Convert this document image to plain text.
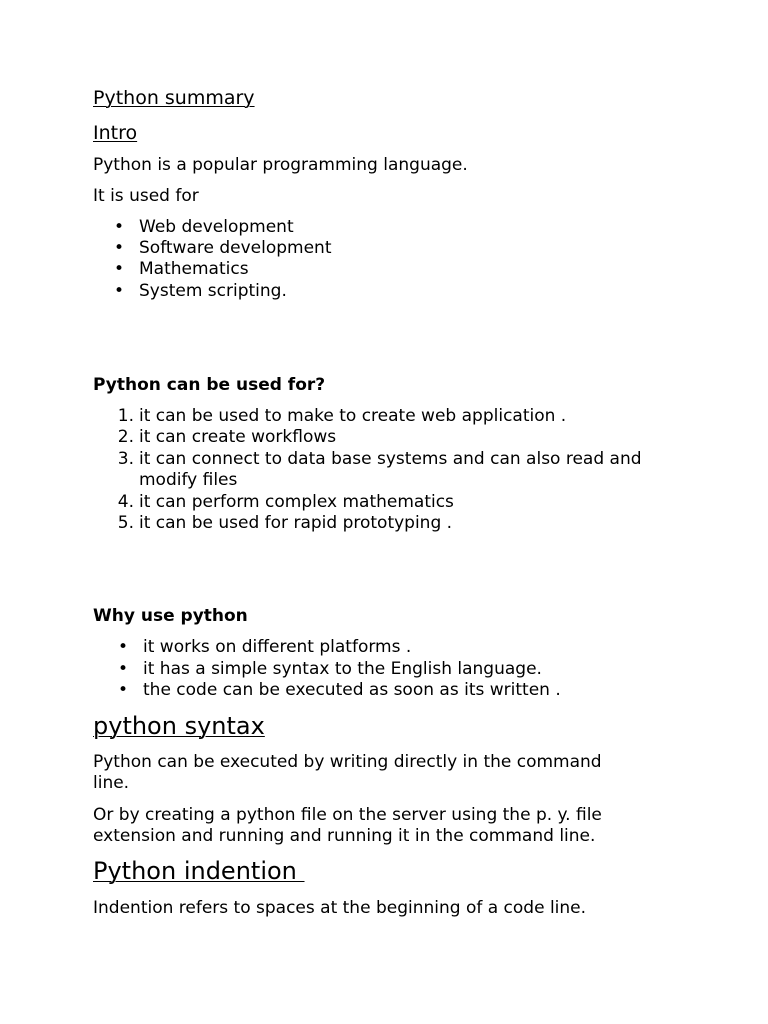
Python summary
Intro
Python is a popular programming language.
It is used for
• Web development
• Software development
• Mathematics
• System scripting.
Python can be used for?
1. it can be used to make to create web application .
2. it can create workflows
3. it can connect to data base systems and can also read and
modify files
4. it can perform complex mathematics
5. it can be used for rapid prototyping .
Why use python
• it works on different platforms .
• it has a simple syntax to the English language.
• the code can be executed as soon as its written .
python syntax
Python can be executed by writing directly in the command
line.
Or by creating a python file on the server using the p. y. file
extension and running and running it in the command line.
Python indention
Indention refers to spaces at the beginning of a code line.
